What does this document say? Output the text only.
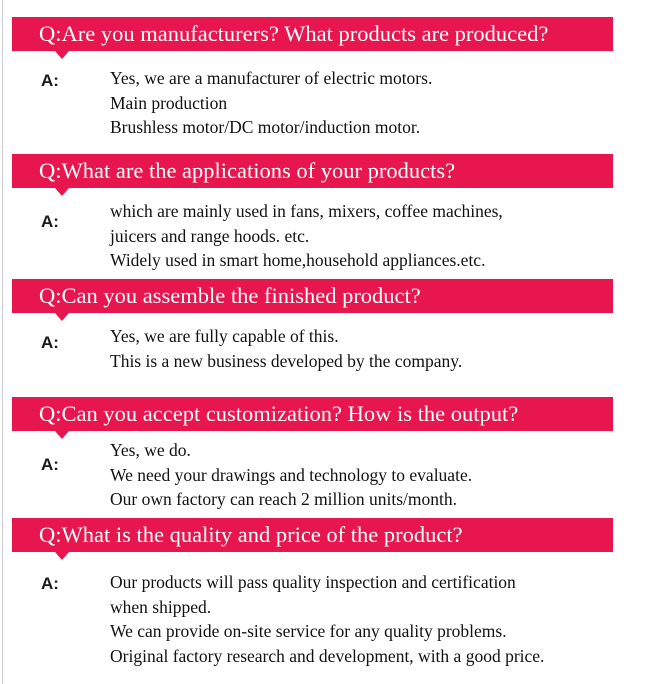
Q:Are you manufacturers? What products are produced?
A:	Yes, we are a manufacturer of electric motors.
Main production
Brushless motor/DC motor/induction motor.
Q:What are the applications of your products?
A:
which are mainly used in fans, mixers, coffee machines,
juicers and range hoods. etc.
Widely used in smart home,household appliances.etc.
Q:Can you assemble the finished product?
A:	Yes, we are fully capable of this.
This is a new business developed by the company.
Q:Can you accept customization? How is the output?
A:
Yes, we do.
We need your drawings and technology to evaluate.
Our own factory can reach 2 million units/month.
Q:What is the quality and price of the product?
A:	Our products will pass quality inspection and certification
when shipped.
We can provide on-site service for any quality problems.
Original factory research and development, with a good price.
